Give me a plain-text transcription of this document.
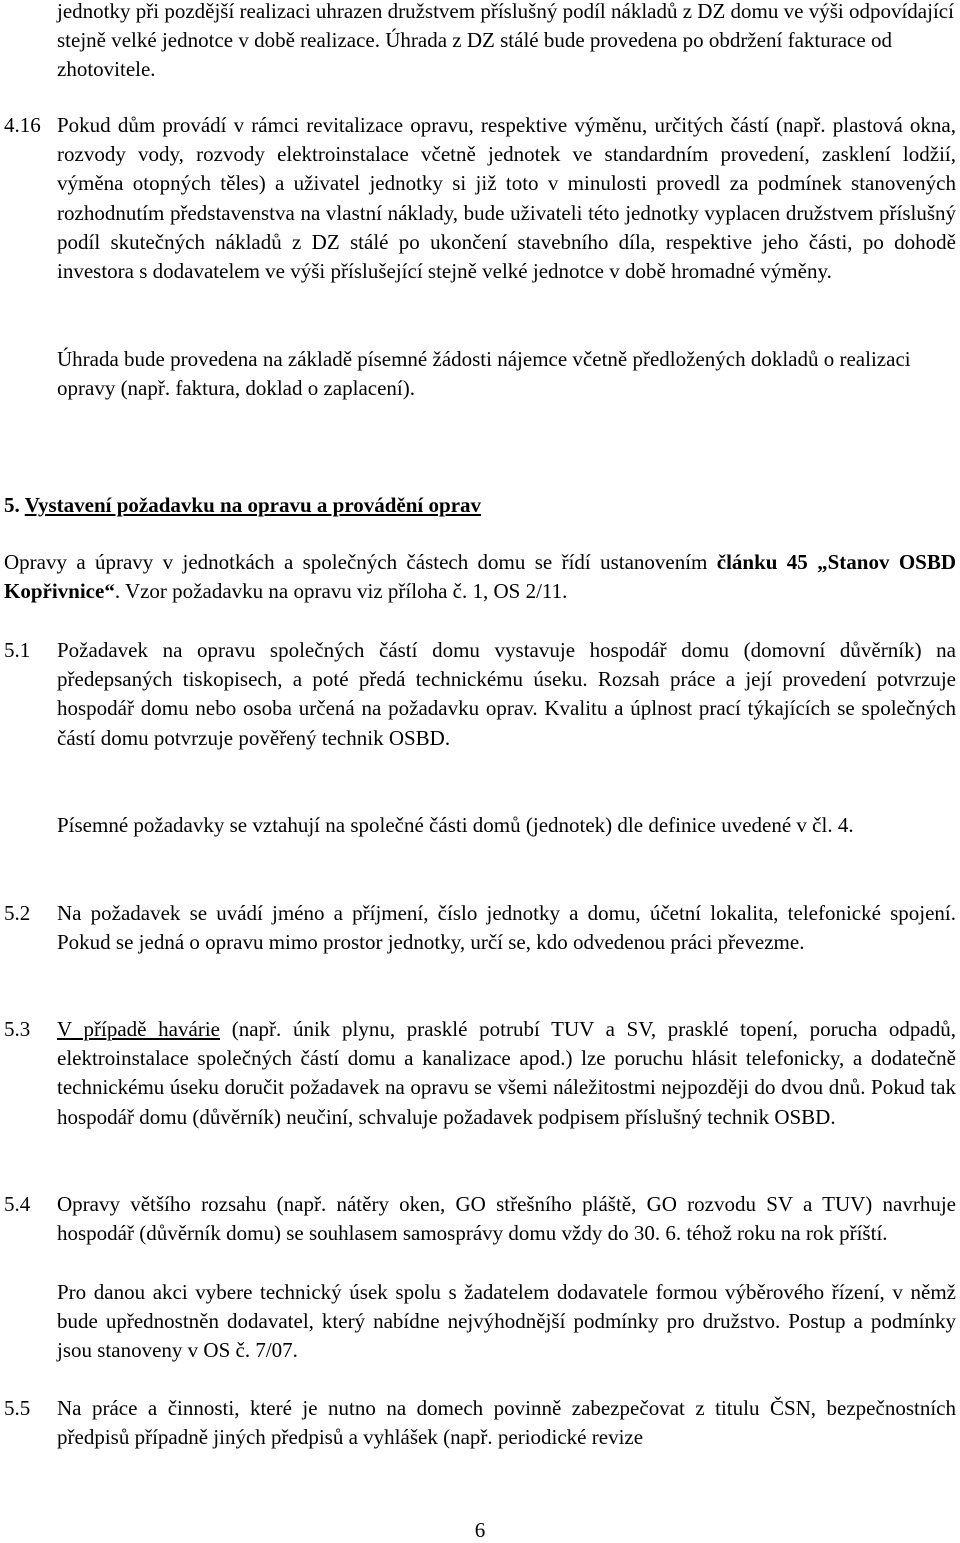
jednotky při pozdější realizaci uhrazen družstvem příslušný podíl nákladů z DZ domu ve výši odpovídající stejně velké jednotce v době realizace. Úhrada z DZ stálé bude provedena po obdržení fakturace od zhotovitele.

4.16 Pokud dům provádí v rámci revitalizace opravu, respektive výměnu, určitých částí (např. plastová okna, rozvody vody, rozvody elektroinstalace včetně jednotek ve standardním provedení, zasklení lodžií, výměna otopných těles) a uživatel jednotky si již toto v minulosti provedl za podmínek stanovených rozhodnutím představenstva na vlastní náklady, bude uživateli této jednotky vyplacen družstvem příslušný podíl skutečných nákladů z DZ stálé po ukončení stavebního díla, respektive jeho části, po dohodě investora s dodavatelem ve výši příslušející stejně velké jednotce v době hromadné výměny.

Úhrada bude provedena na základě písemné žádosti nájemce včetně předložených dokladů o realizaci opravy (např. faktura, doklad o zaplacení).

5. Vystavení požadavku na opravu a provádění oprav

Opravy a úpravy v jednotkách a společných částech domu se řídí ustanovením článku 45 „Stanov OSBD Kopřivnice“. Vzor požadavku na opravu viz příloha č. 1, OS 2/11.

5.1 Požadavek na opravu společných částí domu vystavuje hospodář domu (domovní důvěrník) na předepsaných tiskopisech, a poté předá technickému úseku. Rozsah práce a její provedení potvrzuje hospodář domu nebo osoba určená na požadavku oprav. Kvalitu a úplnost prací týkajících se společných částí domu potvrzuje pověřený technik OSBD.

Písemné požadavky se vztahují na společné části domů (jednotek) dle definice uvedené v čl. 4.

5.2 Na požadavek se uvádí jméno a příjmení, číslo jednotky a domu, účetní lokalita, telefonické spojení. Pokud se jedná o opravu mimo prostor jednotky, určí se, kdo odvedenou práci převezme.

5.3 V případě havárie (např. únik plynu, prasklé potrubí TUV a SV, prasklé topení, porucha odpadů, elektroinstalace společných částí domu a kanalizace apod.) lze poruchu hlásit telefonicky, a dodatečně technickému úseku doručit požadavek na opravu se všemi náležitostmi nejpozději do dvou dnů. Pokud tak hospodář domu (důvěrník) neučiní, schvaluje požadavek podpisem příslušný technik OSBD.

5.4 Opravy většího rozsahu (např. nátěry oken, GO střešního pláště, GO rozvodu SV a TUV) navrhuje hospodář (důvěrník domu) se souhlasem samosprávy domu vždy do 30. 6. téhož roku na rok příští.

Pro danou akci vybere technický úsek spolu s žadatelem dodavatele formou výběrového řízení, v němž bude upřednostněn dodavatel, který nabídne nejvýhodnější podmínky pro družstvo. Postup a podmínky jsou stanoveny v OS č. 7/07.

5.5 Na práce a činnosti, které je nutno na domech povinně zabezpečovat z titulu ČSN, bezpečnostních předpisů případně jiných předpisů a vyhlášek (např. periodické revize

6
